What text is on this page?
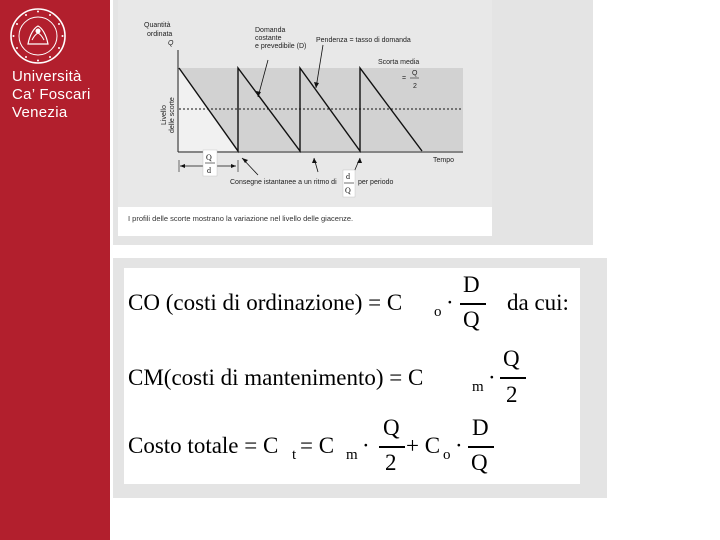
Università
Ca’ Foscari
Venezia
Quantità
ordinata
Q
Domanda
costante
e prevedibile (D)
Pendenza = tasso di domanda
Scorta media
=
Q
2
Tempo
Consegne istantanee a un ritmo di	per periodo
Livello delle scorte
Q
d
d
Q
I profili delle scorte mostrano la variazione nel livello delle giacenze.
CO (costi di ordinazione) = C o ·
D
Q
da cui:
CM(costi di mantenimento) = C	m ·
Q
2
Costo totale = C t = C m ·
Q
2
+ C o ·
D
Q
